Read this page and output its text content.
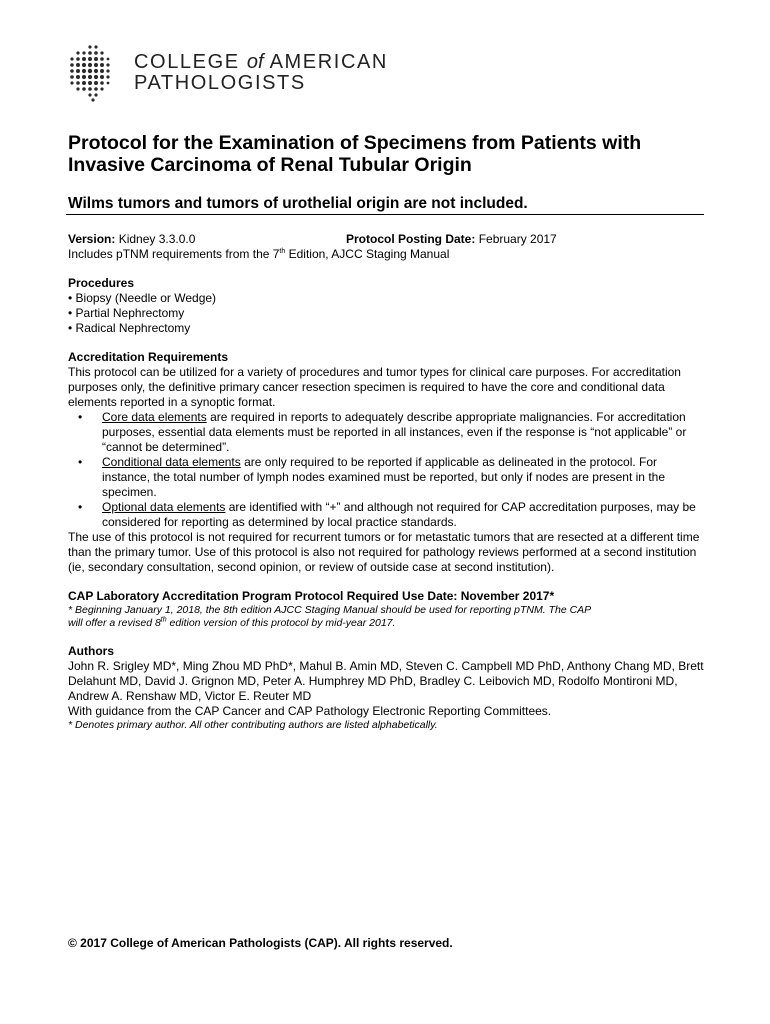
COLLEGE of AMERICAN
PATHOLOGISTS
Protocol for the Examination of Specimens from Patients with Invasive Carcinoma of Renal Tubular Origin
Wilms tumors and tumors of urothelial origin are not included.
Version: Kidney 3.3.0.0	Protocol Posting Date: February 2017

Includes pTNM requirements from the 7th Edition, AJCC Staging Manual

Procedures

• Biopsy (Needle or Wedge)

• Partial Nephrectomy

• Radical Nephrectomy

Accreditation Requirements

This protocol can be utilized for a variety of procedures and tumor types for clinical care purposes. For accreditation purposes only, the definitive primary cancer resection specimen is required to have the core and conditional data elements reported in a synoptic format.

• Core data elements are required in reports to adequately describe appropriate malignancies. For accreditation purposes, essential data elements must be reported in all instances, even if the response is “not applicable” or “cannot be determined”.
• Conditional data elements are only required to be reported if applicable as delineated in the protocol. For instance, the total number of lymph nodes examined must be reported, but only if nodes are present in the specimen.
• Optional data elements are identified with “+” and although not required for CAP accreditation purposes, may be considered for reporting as determined by local practice standards.

The use of this protocol is not required for recurrent tumors or for metastatic tumors that are resected at a different time than the primary tumor. Use of this protocol is also not required for pathology reviews performed at a second institution (ie, secondary consultation, second opinion, or review of outside case at second institution).

CAP Laboratory Accreditation Program Protocol Required Use Date: November 2017*

* Beginning January 1, 2018, the 8th edition AJCC Staging Manual should be used for reporting pTNM. The CAP
will offer a revised 8th edition version of this protocol by mid-year 2017.

Authors

John R. Srigley MD*, Ming Zhou MD PhD*, Mahul B. Amin MD, Steven C. Campbell MD PhD, Anthony Chang MD, Brett Delahunt MD, David J. Grignon MD, Peter A. Humphrey MD PhD, Bradley C. Leibovich MD, Rodolfo Montironi MD, Andrew A. Renshaw MD, Victor E. Reuter MD

With guidance from the CAP Cancer and CAP Pathology Electronic Reporting Committees.

* Denotes primary author. All other contributing authors are listed alphabetically.

© 2017 College of American Pathologists (CAP). All rights reserved.
